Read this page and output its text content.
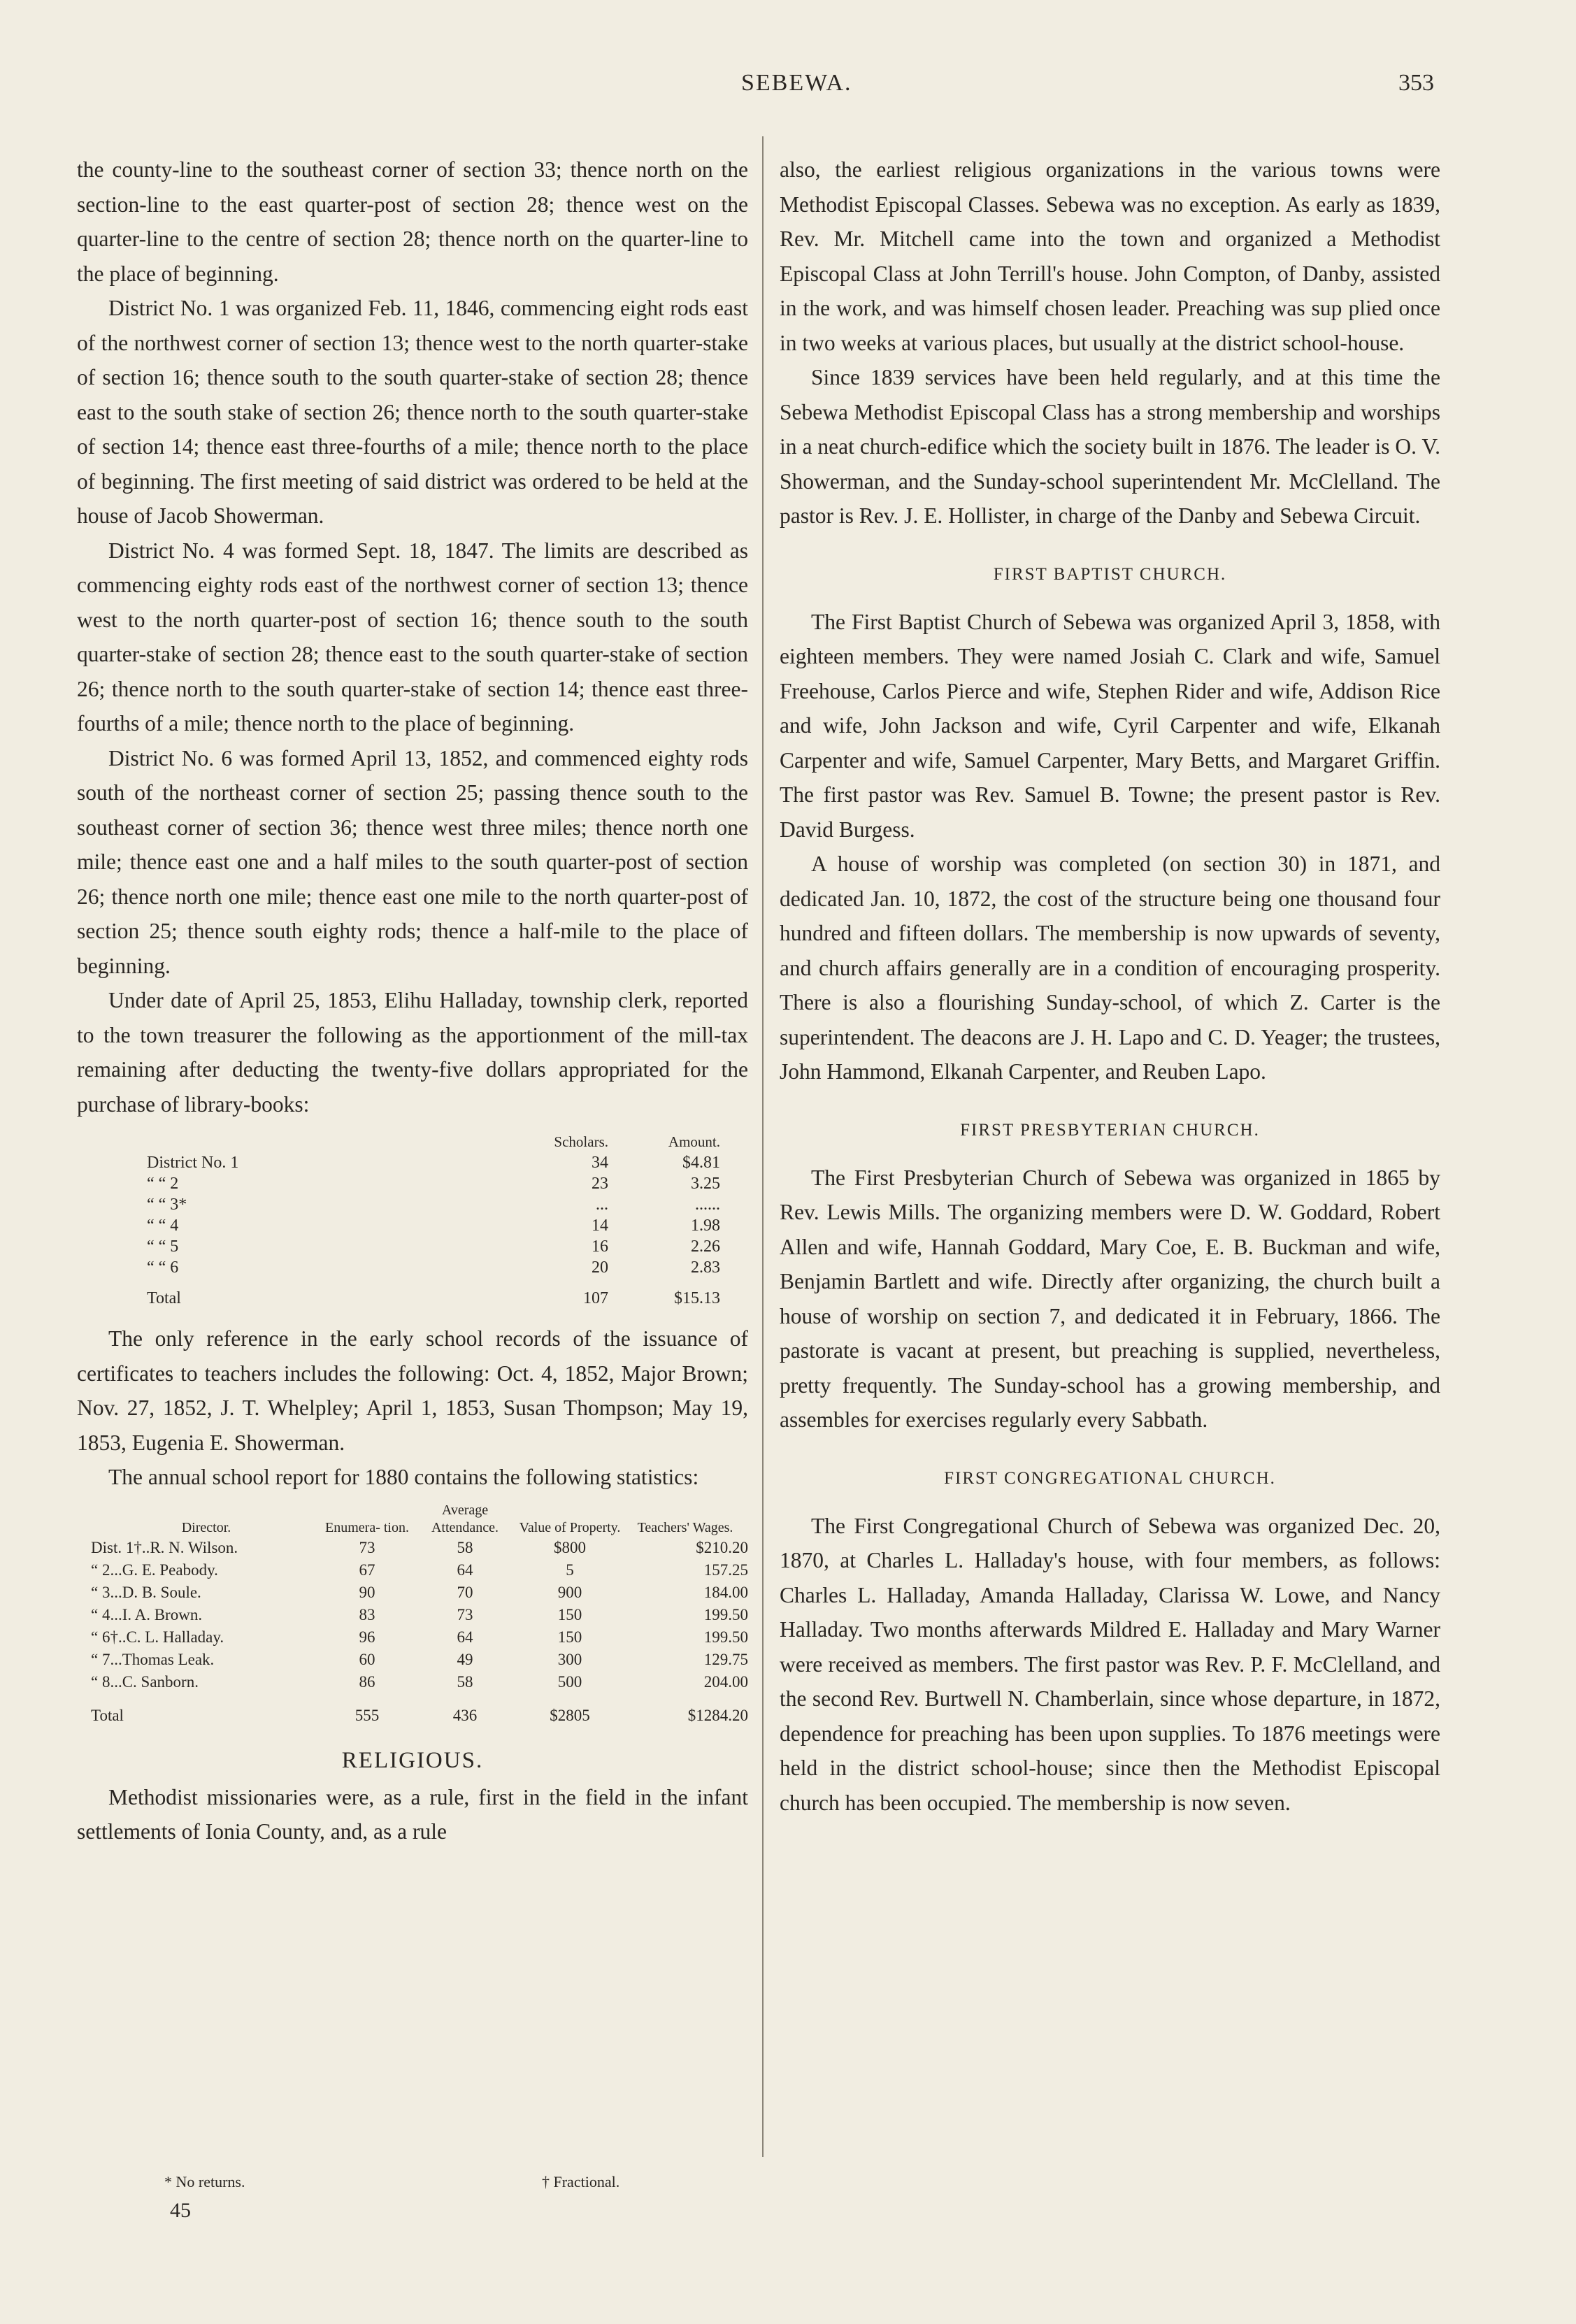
SEBEWA.	353

the county-line to the southeast corner of section 33; thence north on the section-line to the east quarter-post of section 28; thence west on the quarter-line to the centre of section 28; thence north on the quarter-line to the place of beginning.

District No. 1 was organized Feb. 11, 1846, commencing eight rods east of the northwest corner of section 13; thence west to the north quarter-stake of section 16; thence south to the south quarter-stake of section 28; thence east to the south stake of section 26; thence north to the south quarter-stake of section 14; thence east three-fourths of a mile; thence north to the place of beginning. The first meeting of said district was ordered to be held at the house of Jacob Showerman.

District No. 4 was formed Sept. 18, 1847. The limits are described as commencing eighty rods east of the northwest corner of section 13; thence west to the north quarter-post of section 16; thence south to the south quarter-stake of section 28; thence east to the south quarter-stake of section 26; thence north to the south quarter-stake of section 14; thence east three-fourths of a mile; thence north to the place of beginning.

District No. 6 was formed April 13, 1852, and commenced eighty rods south of the northeast corner of section 25; passing thence south to the southeast corner of section 36; thence west three miles; thence north one mile; thence east one and a half miles to the south quarter-post of section 26; thence north one mile; thence east one mile to the north quarter-post of section 25; thence south eighty rods; thence a half-mile to the place of beginning.

Under date of April 25, 1853, Elihu Halladay, township clerk, reported to the town treasurer the following as the apportionment of the mill-tax remaining after deducting the twenty-five dollars appropriated for the purchase of library-books:

	Scholars.	Amount.
District No. 1	34	$4.81
“ “ 2	23	3.25
“ “ 3*	...	......
“ “ 4	14	1.98
“ “ 5	16	2.26
“ “ 6	20	2.83
Total	107	$15.13

The only reference in the early school records of the issuance of certificates to teachers includes the following: Oct. 4, 1852, Major Brown; Nov. 27, 1852, J. T. Whelpley; April 1, 1853, Susan Thompson; May 19, 1853, Eugenia E. Showerman.

The annual school report for 1880 contains the following statistics:

Director.	Enumera- tion.	Average Attendance.	Value of Property.	Teachers' Wages.
Dist. 1†..R. N. Wilson.	73	58	$800	$210.20
“ 2...G. E. Peabody.	67	64	5	157.25
“ 3...D. B. Soule.	90	70	900	184.00
“ 4...I. A. Brown.	83	73	150	199.50
“ 6†..C. L. Halladay.	96	64	150	199.50
“ 7...Thomas Leak.	60	49	300	129.75
“ 8...C. Sanborn.	86	58	500	204.00
Total	555	436	$2805	$1284.20
RELIGIOUS.

Methodist missionaries were, as a rule, first in the field in the infant settlements of Ionia County, and, as a rule

also, the earliest religious organizations in the various towns were Methodist Episcopal Classes. Sebewa was no exception. As early as 1839, Rev. Mr. Mitchell came into the town and organized a Methodist Episcopal Class at John Terrill's house. John Compton, of Danby, assisted in the work, and was himself chosen leader. Preaching was sup plied once in two weeks at various places, but usually at the district school-house.

Since 1839 services have been held regularly, and at this time the Sebewa Methodist Episcopal Class has a strong membership and worships in a neat church-edifice which the society built in 1876. The leader is O. V. Showerman, and the Sunday-school superintendent Mr. McClelland. The pastor is Rev. J. E. Hollister, in charge of the Danby and Sebewa Circuit.

FIRST BAPTIST CHURCH.

The First Baptist Church of Sebewa was organized April 3, 1858, with eighteen members. They were named Josiah C. Clark and wife, Samuel Freehouse, Carlos Pierce and wife, Stephen Rider and wife, Addison Rice and wife, John Jackson and wife, Cyril Carpenter and wife, Elkanah Carpenter and wife, Samuel Carpenter, Mary Betts, and Margaret Griffin. The first pastor was Rev. Samuel B. Towne; the present pastor is Rev. David Burgess.

A house of worship was completed (on section 30) in 1871, and dedicated Jan. 10, 1872, the cost of the structure being one thousand four hundred and fifteen dollars. The membership is now upwards of seventy, and church affairs generally are in a condition of encouraging prosperity. There is also a flourishing Sunday-school, of which Z. Carter is the superintendent. The deacons are J. H. Lapo and C. D. Yeager; the trustees, John Hammond, Elkanah Carpenter, and Reuben Lapo.

FIRST PRESBYTERIAN CHURCH.

The First Presbyterian Church of Sebewa was organized in 1865 by Rev. Lewis Mills. The organizing members were D. W. Goddard, Robert Allen and wife, Hannah Goddard, Mary Coe, E. B. Buckman and wife, Benjamin Bartlett and wife. Directly after organizing, the church built a house of worship on section 7, and dedicated it in February, 1866. The pastorate is vacant at present, but preaching is supplied, nevertheless, pretty frequently. The Sunday-school has a growing membership, and assembles for exercises regularly every Sabbath.

FIRST CONGREGATIONAL CHURCH.

The First Congregational Church of Sebewa was organized Dec. 20, 1870, at Charles L. Halladay's house, with four members, as follows: Charles L. Halladay, Amanda Halladay, Clarissa W. Lowe, and Nancy Halladay. Two months afterwards Mildred E. Halladay and Mary Warner were received as members. The first pastor was Rev. P. F. McClelland, and the second Rev. Burtwell N. Chamberlain, since whose departure, in 1872, dependence for preaching has been upon supplies. To 1876 meetings were held in the district school-house; since then the Methodist Episcopal church has been occupied. The membership is now seven.

* No returns.	† Fractional.
45
